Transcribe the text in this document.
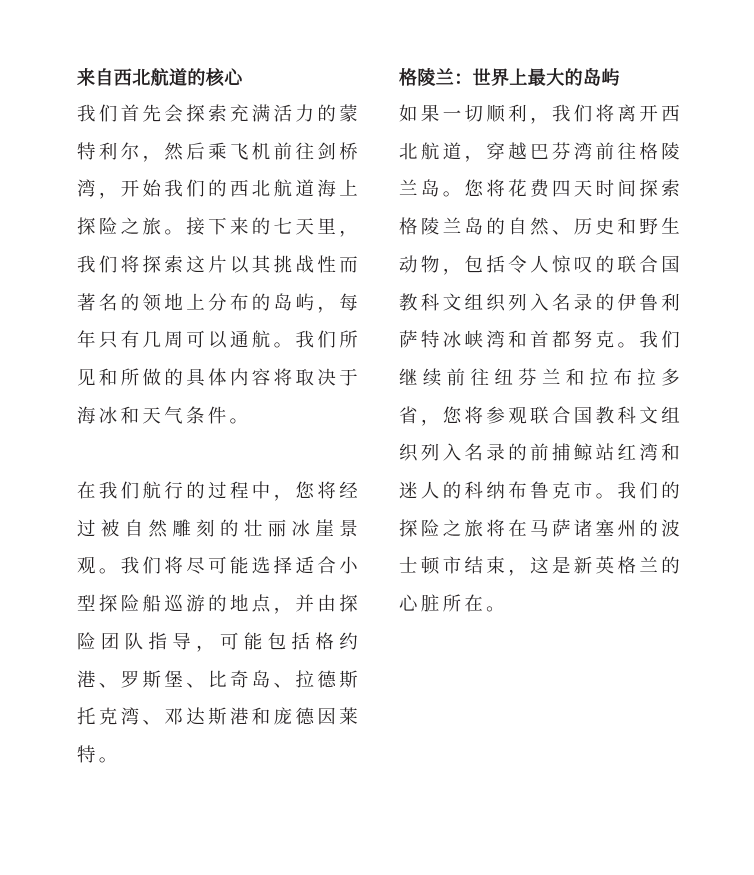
来自西北航道的核心

我们首先会探索充满活力的蒙特利尔，然后乘飞机前往剑桥湾，开始我们的西北航道海上探险之旅。接下来的七天里，我们将探索这片以其挑战性而著名的领地上分布的岛屿，每年只有几周可以通航。我们所见和所做的具体内容将取决于海冰和天气条件。

在我们航行的过程中，您将经过被自然雕刻的壮丽冰崖景观。我们将尽可能选择适合小型探险船巡游的地点，并由探险团队指导，可能包括格约港、罗斯堡、比奇岛、拉德斯托克湾、邓达斯港和庞德因莱特。

格陵兰：世界上最大的岛屿

如果一切顺利，我们将离开西北航道，穿越巴芬湾前往格陵兰岛。您将花费四天时间探索格陵兰岛的自然、历史和野生动物，包括令人惊叹的联合国教科文组织列入名录的伊鲁利萨特冰峡湾和首都努克。我们继续前往纽芬兰和拉布拉多省，您将参观联合国教科文组织列入名录的前捕鲸站红湾和迷人的科纳布鲁克市。我们的探险之旅将在马萨诸塞州的波士顿市结束，这是新英格兰的心脏所在。
